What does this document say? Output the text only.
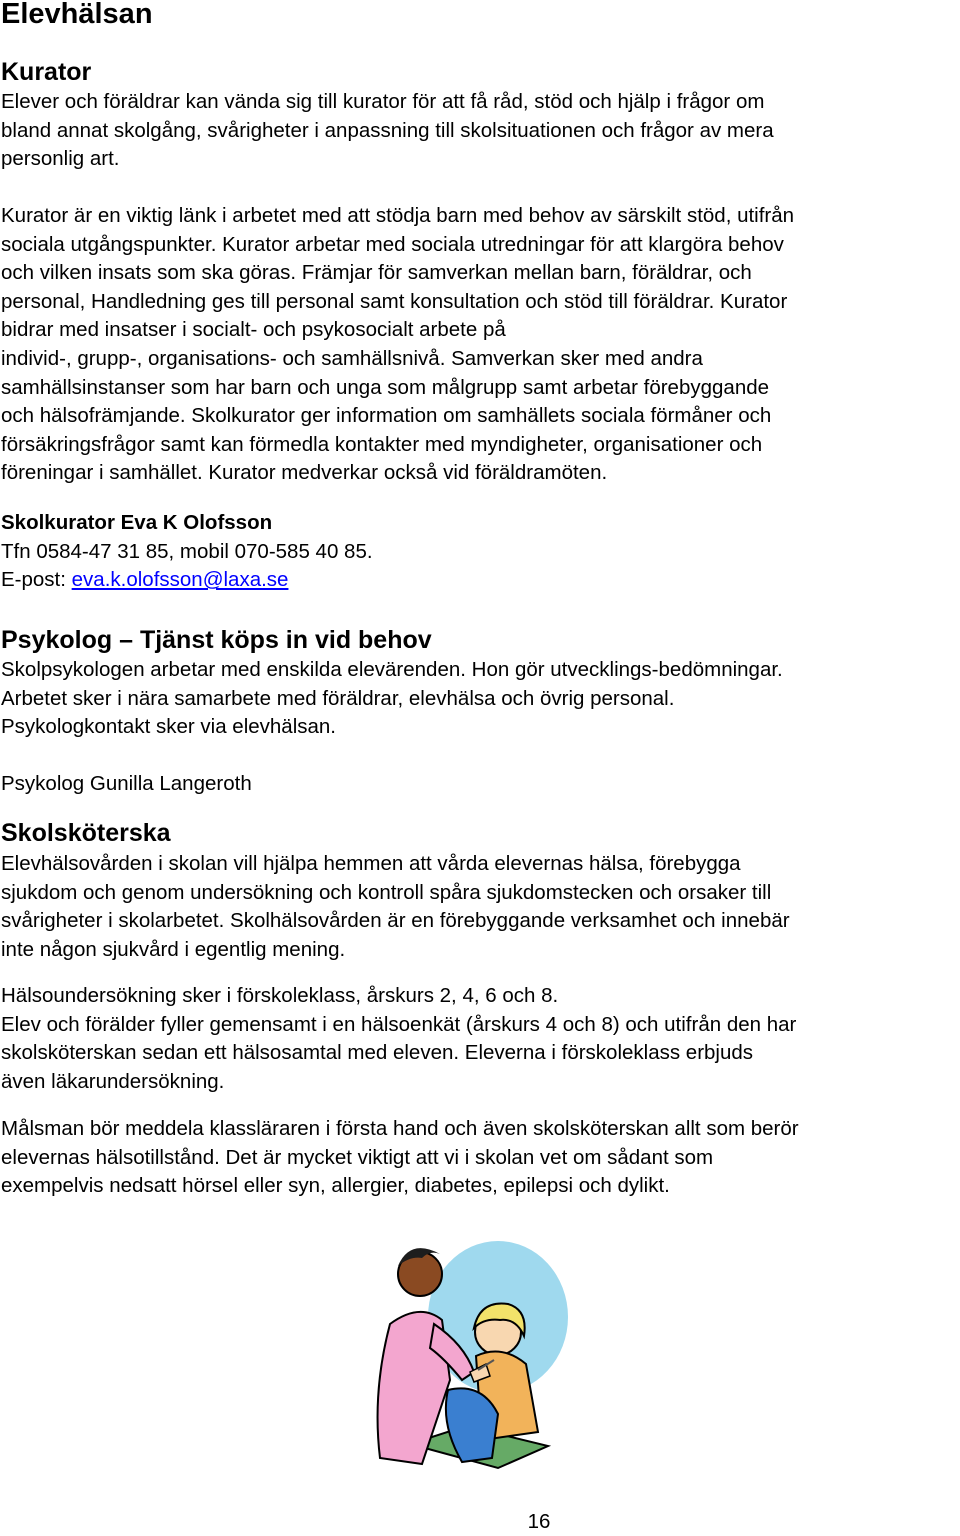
Elevhälsan
Kurator

Elever och föräldrar kan vända sig till kurator för att få råd, stöd och hjälp i frågor om
bland annat skolgång, svårigheter i anpassning till skolsituationen och frågor av mera
personlig art.

Kurator är en viktig länk i arbetet med att stödja barn med behov av särskilt stöd, utifrån
sociala utgångspunkter. Kurator arbetar med sociala utredningar för att klargöra behov
och vilken insats som ska göras. Främjar för samverkan mellan barn, föräldrar, och
personal, Handledning ges till personal samt konsultation och stöd till föräldrar. Kurator
bidrar med insatser i socialt- och psykosocialt arbete på
individ-, grupp-, organisations- och samhällsnivå. Samverkan sker med andra
samhällsinstanser som har barn och unga som målgrupp samt arbetar förebyggande
och hälsofrämjande. Skolkurator ger information om samhällets sociala förmåner och
försäkringsfrågor samt kan förmedla kontakter med myndigheter, organisationer och
föreningar i samhället. Kurator medverkar också vid föräldramöten.

Skolkurator Eva K Olofsson
Tfn 0584-47 31 85, mobil 070-585 40 85.
E-post: eva.k.olofsson@laxa.se

Psykolog – Tjänst köps in vid behov

Skolpsykologen arbetar med enskilda elevärenden. Hon gör utvecklings-bedömningar.
Arbetet sker i nära samarbete med föräldrar, elevhälsa och övrig personal.
Psykologkontakt sker via elevhälsan.

Psykolog Gunilla Langeroth

Skolsköterska

Elevhälsovården i skolan vill hjälpa hemmen att vårda elevernas hälsa, förebygga
sjukdom och genom undersökning och kontroll spåra sjukdomstecken och orsaker till
svårigheter i skolarbetet. Skolhälsovården är en förebyggande verksamhet och innebär
inte någon sjukvård i egentlig mening.

Hälsoundersökning sker i förskoleklass, årskurs 2, 4, 6 och 8.
Elev och förälder fyller gemensamt i en hälsoenkät (årskurs 4 och 8) och utifrån den har
skolsköterskan sedan ett hälsosamtal med eleven. Eleverna i förskoleklass erbjuds
även läkarundersökning.

Målsman bör meddela klassläraren i första hand och även skolsköterskan allt som berör
elevernas hälsotillstånd. Det är mycket viktigt att vi i skolan vet om sådant som
exempelvis nedsatt hörsel eller syn, allergier, diabetes, epilepsi och dylikt.

16
